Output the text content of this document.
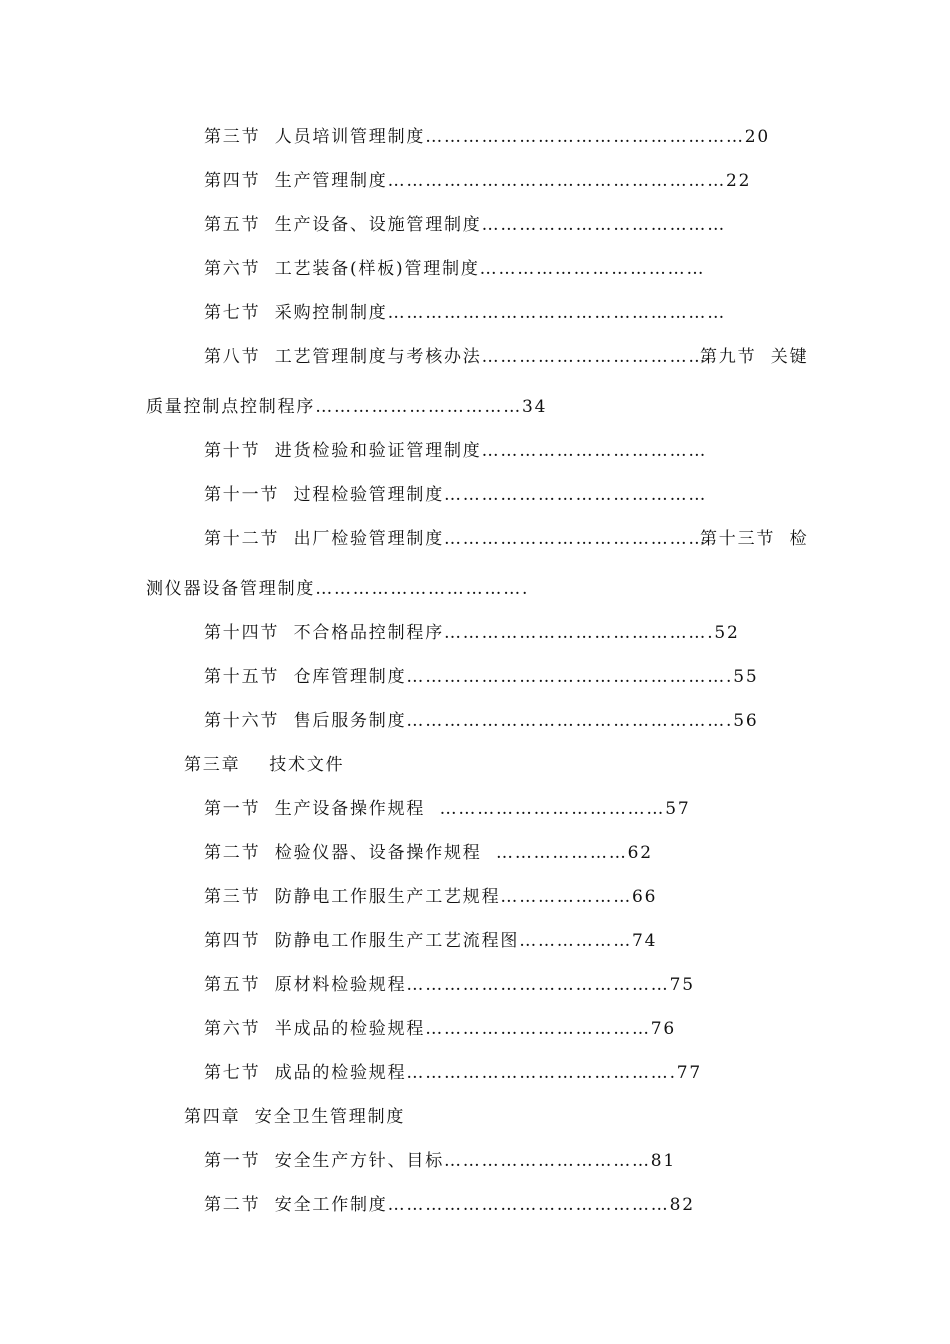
第三节  人员培训管理制度……………………………………………20
第四节  生产管理制度………………………………………………22
第五节  生产设备、设施管理制度…………………………………
第六节  工艺装备(样板)管理制度………………………………
第七节  采购控制制度………………………………………………
第八节  工艺管理制度与考核办法………………………………
第九节  关键
质量控制点控制程序……………………………34
第十节  进货检验和验证管理制度………………………………
第十一节  过程检验管理制度……………………………………
第十二节  出厂检验管理制度……………………………………
第十三节  检
测仪器设备管理制度…………………………….
第十四节  不合格品控制程序…………………………………….52
第十五节  仓库管理制度…………………………………………….55
第十六节  售后服务制度…………………………………………….56
第三章    技术文件
第一节  生产设备操作规程  ………………………………57
第二节  检验仪器、设备操作规程  …………………62
第三节  防静电工作服生产工艺规程…………………66
第四节  防静电工作服生产工艺流程图………………74
第五节  原材料检验规程……………………………………75
第六节  半成品的检验规程………………………………76
第七节  成品的检验规程…………………………………….77
第四章  安全卫生管理制度
第一节  安全生产方针、目标……………………………81
第二节  安全工作制度………………………………………82
